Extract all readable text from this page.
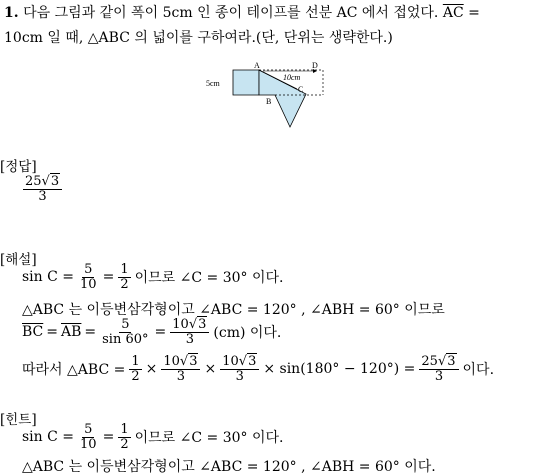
1. 다음 그림과 같이 폭이 5cm 인 종이 테이프를 선분 AC 에서 접었다. $\overline{AC}$ =
10cm 일 때, △ABC 의 넓이를 구하여라.(단, 단위는 생략한다.)
5cm
10cm
A
B
C
D
[정답]
$\frac{25√3}{3}$
[해설]
$\sin C = \frac{5}{10} = \frac{1}{2}$ 이므로 ∠C = 30° 이다.
△ABC 는 이등변삼각형이고 ∠ABC = 120° , ∠ABH = 60° 이므로
$\overline{BC} = \overline{AB} = \frac{5}{\sin 60^\circ} = \frac{10√3}{3} (cm)$ 이다.
따라서 △ABC = $\frac{1}{2} \times \frac{10√3}{3} \times \frac{10√3}{3} \times \sin(180^\circ - 120^\circ) = \frac{25√3}{3}$ 이다.
[힌트]
$\sin C = \frac{5}{10} = \frac{1}{2}$ 이므로 ∠C = 30° 이다.
△ABC 는 이등변삼각형이고 ∠ABC = 120° , ∠ABH = 60° 이다.
